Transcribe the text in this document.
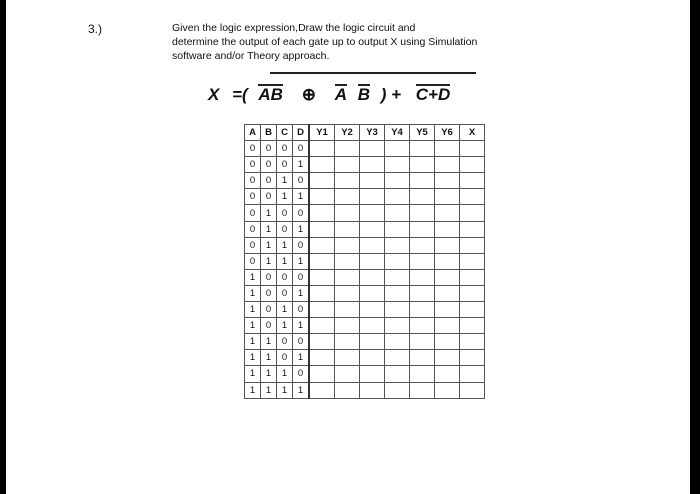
3.)	Given the logic expression,Draw the logic circuit and
determine the output of each gate up to output X using Simulation
software and/or Theory approach.
X =( AB ⊕ A B ) + C+D
A	B	C	D	Y1	Y2	Y3	Y4	Y5	Y6	X
0	0	0	0							
0	0	0	1							
0	0	1	0							
0	0	1	1							
0	1	0	0							
0	1	0	1							
0	1	1	0							
0	1	1	1							
1	0	0	0							
1	0	0	1							
1	0	1	0							
1	0	1	1							
1	1	0	0							
1	1	0	1							
1	1	1	0							
1	1	1	1							
